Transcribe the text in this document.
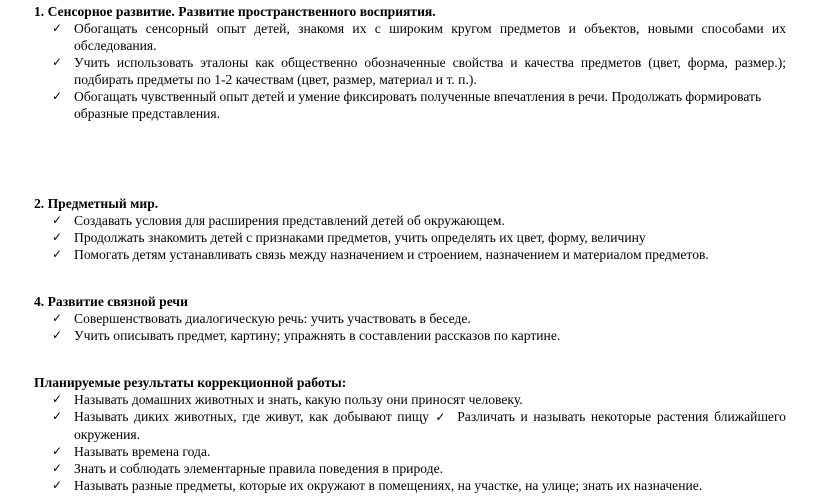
1. Сенсорное развитие. Развитие пространственного восприятия.

✓ Обогащать сенсорный опыт детей, знакомя их с широким кругом предметов и объектов, новыми способами их обследования.
✓ Учить использовать эталоны как общественно обозначенные свойства и качества предметов (цвет, форма, размер.); подбирать предметы по 1-2 качествам (цвет, размер, материал и т. п.).
✓ Обогащать чувственный опыт детей и умение фиксировать полученные впечатления в речи. Продолжать формировать образные представления.

2. Предметный мир.

✓ Создавать условия для расширения представлений детей об окружающем.
✓ Продолжать знакомить детей с признаками предметов, учить определять их цвет, форму, величину
✓ Помогать детям устанавливать связь между назначением и строением, назначением и материалом предметов.

4. Развитие связной речи

✓ Совершенствовать диалогическую речь: учить участвовать в беседе.
✓ Учить описывать предмет, картину; упражнять в составлении рассказов по картине.

Планируемые результаты коррекционной работы:

✓ Называть домашних животных и знать, какую пользу они приносят человеку.
✓ Называть диких животных, где живут, как добывают пищу ✓ Различать и называть некоторые растения ближайшего окружения.
✓ Называть времена года.
✓ Знать и соблюдать элементарные правила поведения в природе.
✓ Называть разные предметы, которые их окружают в помещениях, на участке, на улице; знать их назначение.
